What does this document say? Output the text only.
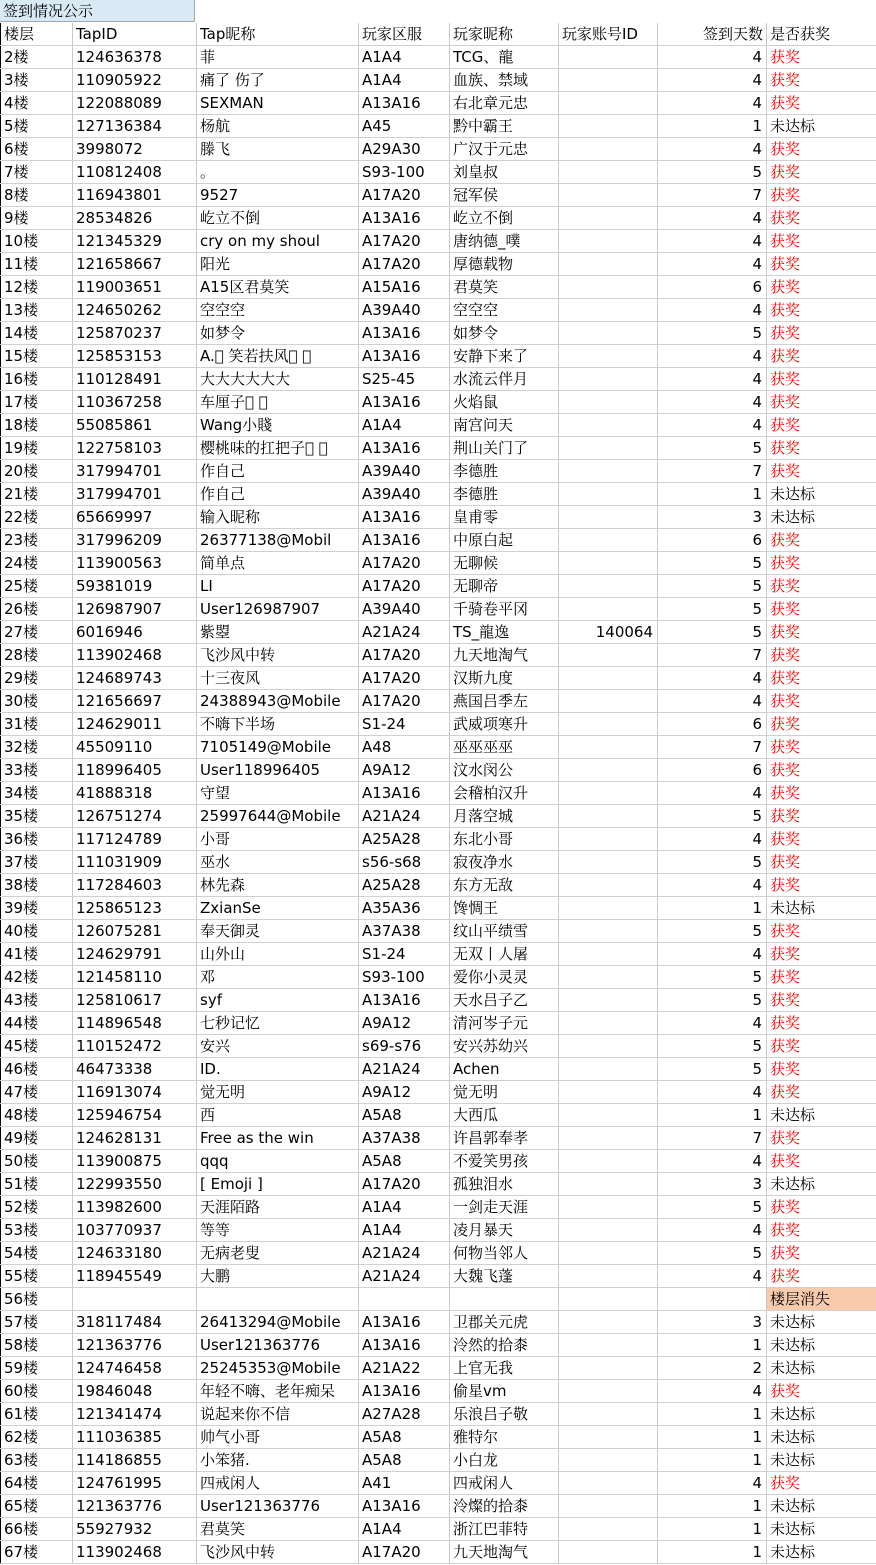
签到情况公示
楼层	TapID	Tap昵称	玩家区服	玩家昵称	玩家账号ID	签到天数	是否获奖
2楼	124636378	菲	A1A4	TCG、龍		4	获奖
3楼	110905922	痛了 伤了	A1A4	血族、禁域		4	获奖
4楼	122088089	SEXMAN	A13A16	右北章元忠		4	获奖
5楼	127136384	杨航	A45	黔中霸王		1	未达标
6楼	3998072	滕飞	A29A30	广汉于元忠		4	获奖
7楼	110812408	。	S93-100	刘皇叔		5	获奖
8楼	116943801	9527	A17A20	冠军侯		7	获奖
9楼	28534826	屹立不倒	A13A16	屹立不倒		4	获奖
10楼	121345329	cry on my shoul	A17A20	唐纳德_噗		4	获奖
11楼	121658667	阳光	A17A20	厚德载物		4	获奖
12楼	119003651	A15区君莫笑	A15A16	君莫笑		6	获奖
13楼	124650262	空空空	A39A40	空空空		4	获奖
14楼	125870237	如梦令	A13A16	如梦令		5	获奖
15楼	125853153	A. 笑若扶风	A13A16	安静下来了		4	获奖
16楼	110128491	大大大大大大	S25-45	水流云伴月		4	获奖
17楼	110367258	车厘子	A13A16	火焰鼠		4	获奖
18楼	55085861	Wang小賤	A1A4	南宫问天		4	获奖
19楼	122758103	樱桃味的扛把子	A13A16	荆山关门了		5	获奖
20楼	317994701	作自己	A39A40	李德胜		7	获奖
21楼	317994701	作自己	A39A40	李德胜		1	未达标
22楼	65669997	输入昵称	A13A16	皇甫零		3	未达标
23楼	317996209	26377138@Mobil	A13A16	中原白起		6	获奖
24楼	113900563	简单点	A17A20	无聊候		5	获奖
25楼	59381019	LI	A17A20	无聊帝		5	获奖
26楼	126987907	User126987907	A39A40	千骑卷平冈		5	获奖
27楼	6016946	紫曌	A21A24	TS_龍逸	140064	5	获奖
28楼	113902468	飞沙风中转	A17A20	九天地淘气		7	获奖
29楼	124689743	十三夜风	A17A20	汉斯九度		4	获奖
30楼	121656697	24388943@Mobile	A17A20	燕国吕季左		4	获奖
31楼	124629011	不嗨下半场	S1-24	武威项寒升		6	获奖
32楼	45509110	7105149@Mobile	A48	巫巫巫巫		7	获奖
33楼	118996405	User118996405	A9A12	汶水闵公		6	获奖
34楼	41888318	守望	A13A16	会稽柏汉升		4	获奖
35楼	126751274	25997644@Mobile	A21A24	月落空城		5	获奖
36楼	117124789	小哥	A25A28	东北小哥		4	获奖
37楼	111031909	巫水	s56-s68	寂夜净水		5	获奖
38楼	117284603	林先森	A25A28	东方无敌		4	获奖
39楼	125865123	ZxianSe	A35A36	馋惆王		1	未达标
40楼	126075281	奉天御灵	A37A38	纹山平绩雪		5	获奖
41楼	124629791	山外山	S1-24	无双丨人屠		4	获奖
42楼	121458110	邓	S93-100	爱你小灵灵		5	获奖
43楼	125810617	syf	A13A16	天水吕子乙		5	获奖
44楼	114896548	七秒记忆	A9A12	清河岑子元		4	获奖
45楼	110152472	安兴	s69-s76	安兴苏幼兴		5	获奖
46楼	46473338	ID.	A21A24	Achen		5	获奖
47楼	116913074	觉无明	A9A12	觉无明		4	获奖
48楼	125946754	西	A5A8	大西瓜		1	未达标
49楼	124628131	Free as the win	A37A38	许昌郭奉孝		7	获奖
50楼	113900875	qqq	A5A8	不爱笑男孩		4	获奖
51楼	122993550	[ Emoji ]	A17A20	孤独泪水		3	未达标
52楼	113982600	天涯陌路	A1A4	一剑走天涯		5	获奖
53楼	103770937	等等	A1A4	凌月暴天		4	获奖
54楼	124633180	无病老叟	A21A24	何物当邻人		5	获奖
55楼	118945549	大鹏	A21A24	大魏飞蓬		4	获奖
56楼							楼层消失
57楼	318117484	26413294@Mobile	A13A16	卫郡关元虎		3	未达标
58楼	121363776	User121363776	A13A16	泠然的拾桼		1	未达标
59楼	124746458	25245353@Mobile	A21A22	上官无我		2	未达标
60楼	19846048	年轻不嗨、老年痴呆	A13A16	偷星vm		4	获奖
61楼	121341474	说起来你不信	A27A28	乐浪吕子敬		1	未达标
62楼	111036385	帅气小哥	A5A8	雅特尔		1	未达标
63楼	114186855	小笨猪.	A5A8	小白龙		1	未达标
64楼	124761995	四戒闲人	A41	四戒闲人		4	获奖
65楼	121363776	User121363776	A13A16	泠燦的拾桼		1	未达标
66楼	55927932	君莫笑	A1A4	浙江巴菲特		1	未达标
67楼	113902468	飞沙风中转	A17A20	九天地淘气		1	未达标
